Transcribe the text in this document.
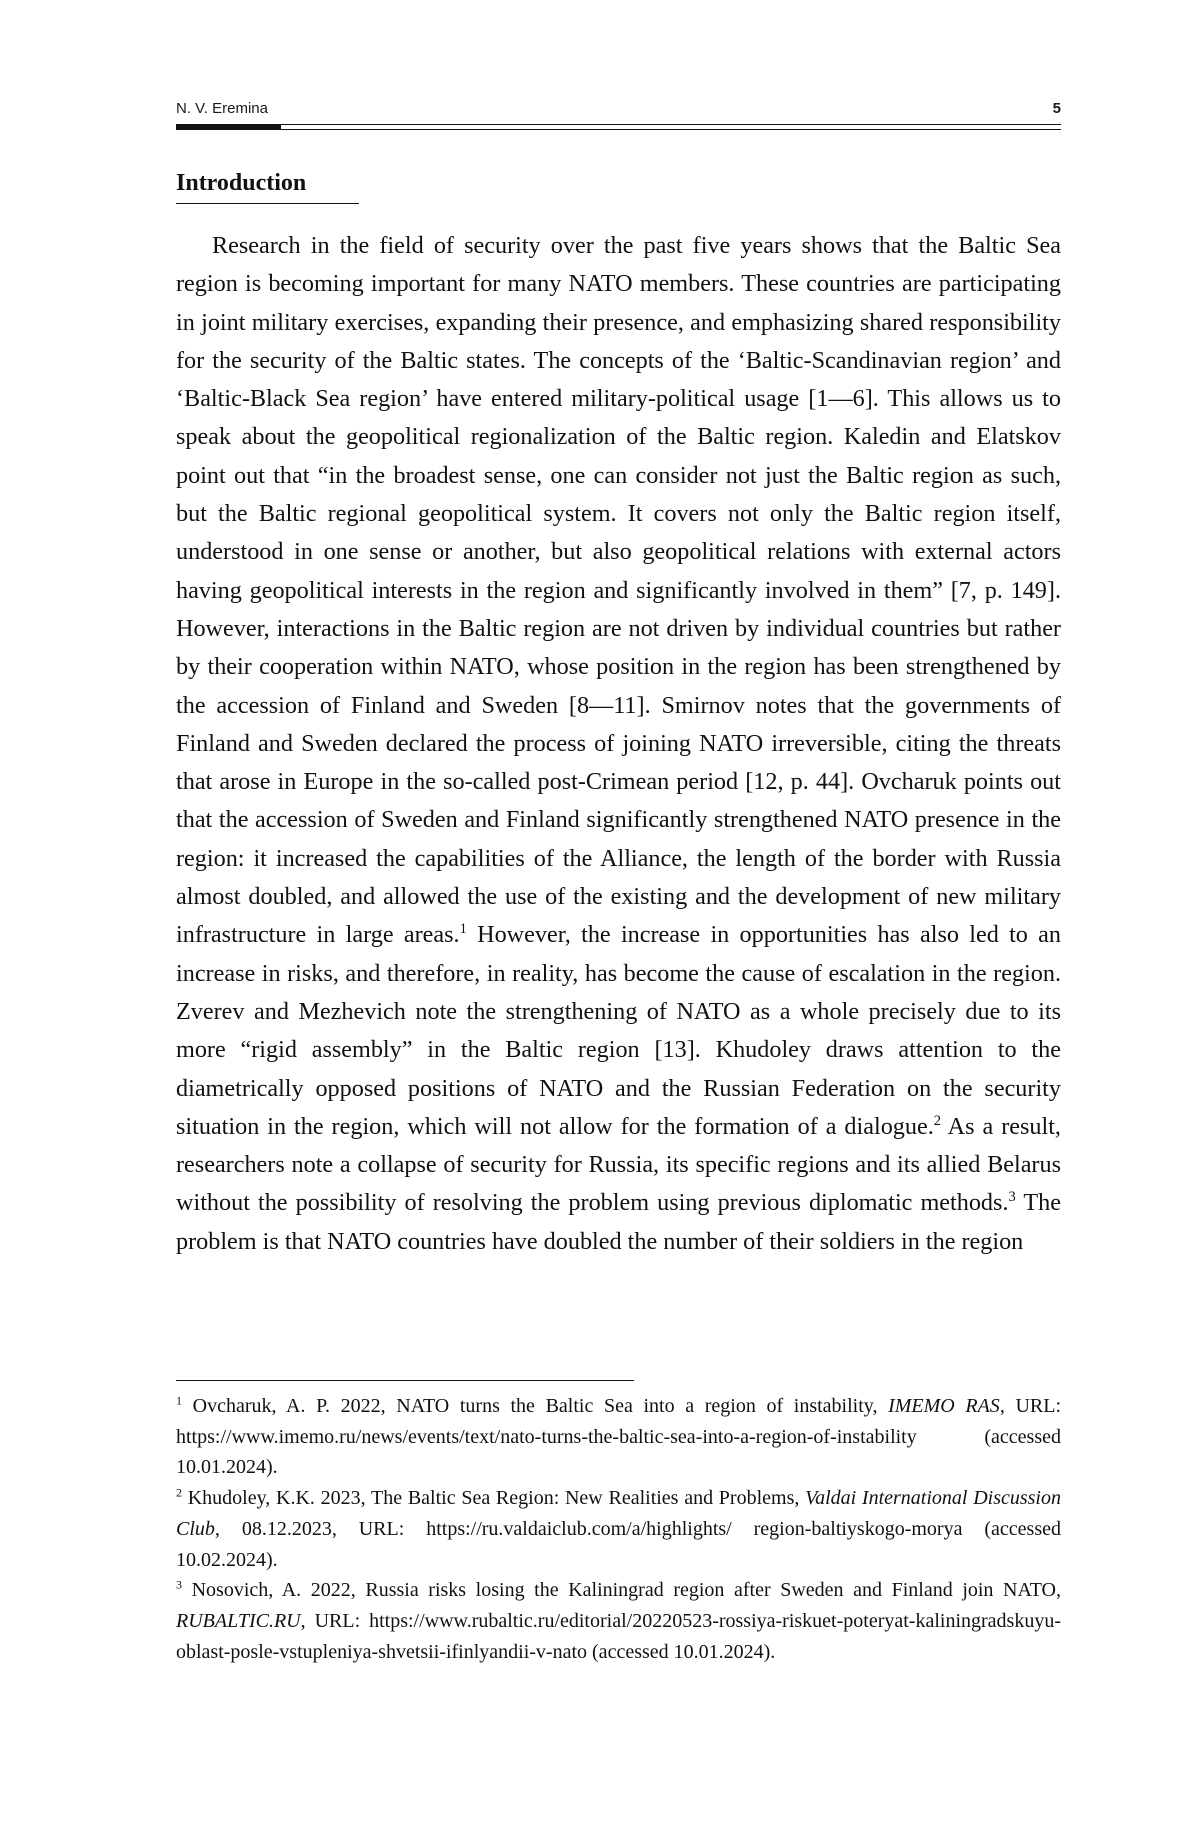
N. V. Eremina	5
Introduction

Research in the field of security over the past five years shows that the Baltic Sea region is becoming important for many NATO members. These countries are participating in joint military exercises, expanding their presence, and emphasizing shared responsibility for the security of the Baltic states. The concepts of the ‘Baltic-Scandinavian region’ and ‘Baltic-Black Sea region’ have entered military-political usage [1—6]. This allows us to speak about the geopolitical regionalization of the Baltic region. Kaledin and Elatskov point out that “in the broadest sense, one can consider not just the Baltic region as such, but the Baltic regional geopolitical system. It covers not only the Baltic region itself, understood in one sense or another, but also geopolitical relations with external actors having geopolitical interests in the region and significantly involved in them” [7, p. 149]. However, interactions in the Baltic region are not driven by individual countries but rather by their cooperation within NATO, whose position in the region has been strengthened by the accession of Finland and Sweden [8—11]. Smirnov notes that the governments of Finland and Sweden declared the process of joining NATO irreversible, citing the threats that arose in Europe in the so-called post-Crimean period [12, p. 44]. Ovcharuk points out that the accession of Sweden and Finland significantly strengthened NATO presence in the region: it increased the capabilities of the Alliance, the length of the border with Russia almost doubled, and allowed the use of the existing and the development of new military infrastructure in large areas.$^1$ However, the increase in opportunities has also led to an increase in risks, and therefore, in reality, has become the cause of escalation in the region. Zverev and Mezhevich note the strengthening of NATO as a whole precisely due to its more “rigid assembly” in the Baltic region [13]. Khudoley draws attention to the diametrically opposed positions of NATO and the Russian Federation on the security situation in the region, which will not allow for the formation of a dialogue.$^2$ As a result, researchers note a collapse of security for Russia, its specific regions and its allied Belarus without the possibility of resolving the problem using previous diplomatic methods.$^3$ The problem is that NATO countries have doubled the number of their soldiers in the region

$^1$ Ovcharuk, A. P. 2022, NATO turns the Baltic Sea into a region of instability, IMEMO RAS, URL: https://www.imemo.ru/news/events/text/nato-turns-the-baltic-sea-into-a-region-of-instability (accessed 10.01.2024).

$^2$ Khudoley, K.K. 2023, The Baltic Sea Region: New Realities and Problems, Valdai International Discussion Club, 08.12.2023, URL: https://ru.valdaiclub.com/a/highlights/ region-baltiyskogo-morya (accessed 10.02.2024).

$^3$ Nosovich, A. 2022, Russia risks losing the Kaliningrad region after Sweden and Finland join NATO, RUBALTIC.RU, URL: https://www.rubaltic.ru/editorial/20220523-rossiya-riskuet-poteryat-kaliningradskuyu-oblast-posle-vstupleniya-shvetsii-ifinlyandii-v-nato (accessed 10.01.2024).
